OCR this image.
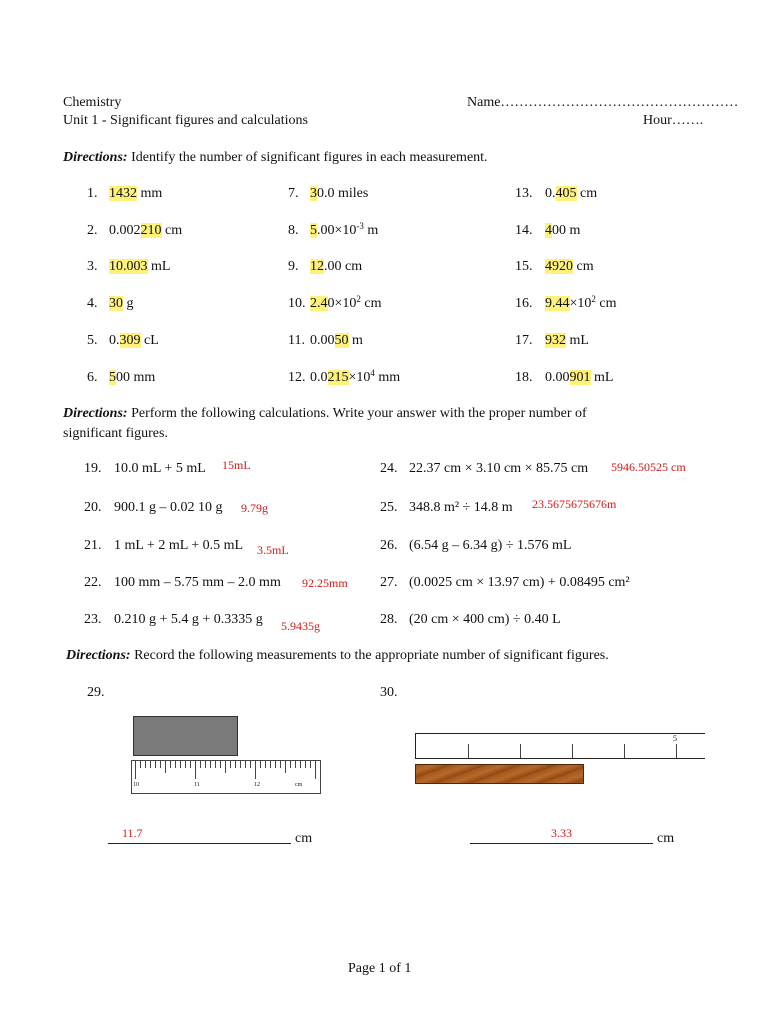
Chemistry
Unit 1 - Significant figures and calculations
Name……………………………………………
Hour…….
Directions: Identify the number of significant figures in each measurement.
1. 1432 mm
2. 0.002210 cm
3. 10.003 mL
4. 30 g
5. 0.309 cL
6. 500 mm
7. 30.0 miles
8. $5.00\times 10^{-3}$ m
9. 12.00 cm
10. $2.40\times 10^2$ cm
11. 0.0050 m
12. $0.0215\times 10^4$ mm
13. 0.405 cm
14. 400 m
15. 4920 cm
16. $9.44\times 10^2$ cm
17. 932 mL
18. 0.00901 mL
Directions: Perform the following calculations. Write your answer with the proper number of
significant figures.
19. 10.0 mL + 5 mL 15mL
20. 900.1 g – 0.02 10 g 9.79g
21. 1 mL + 2 mL + 0.5 mL 3.5mL
22. 100 mm – 5.75 mm – 2.0 mm 92.25mm
23. 0.210 g + 5.4 g + 0.3335 g 5.9435g
24. 22.37 cm × 3.10 cm × 85.75 cm 5946.50525 cm
25. 348.8 m² ÷ 14.8 m 23.5675675676m
26. (6.54 g – 6.34 g) ÷ 1.576 mL
27. (0.0025 cm × 13.97 cm) + 0.08495 cm²
28. (20 cm × 400 cm) ÷ 0.40 L
Directions: Record the following measurements to the appropriate number of significant figures.
29.
10	11	12	cm
11.7	cm
30.
5
3.33	cm
Page 1 of 1
